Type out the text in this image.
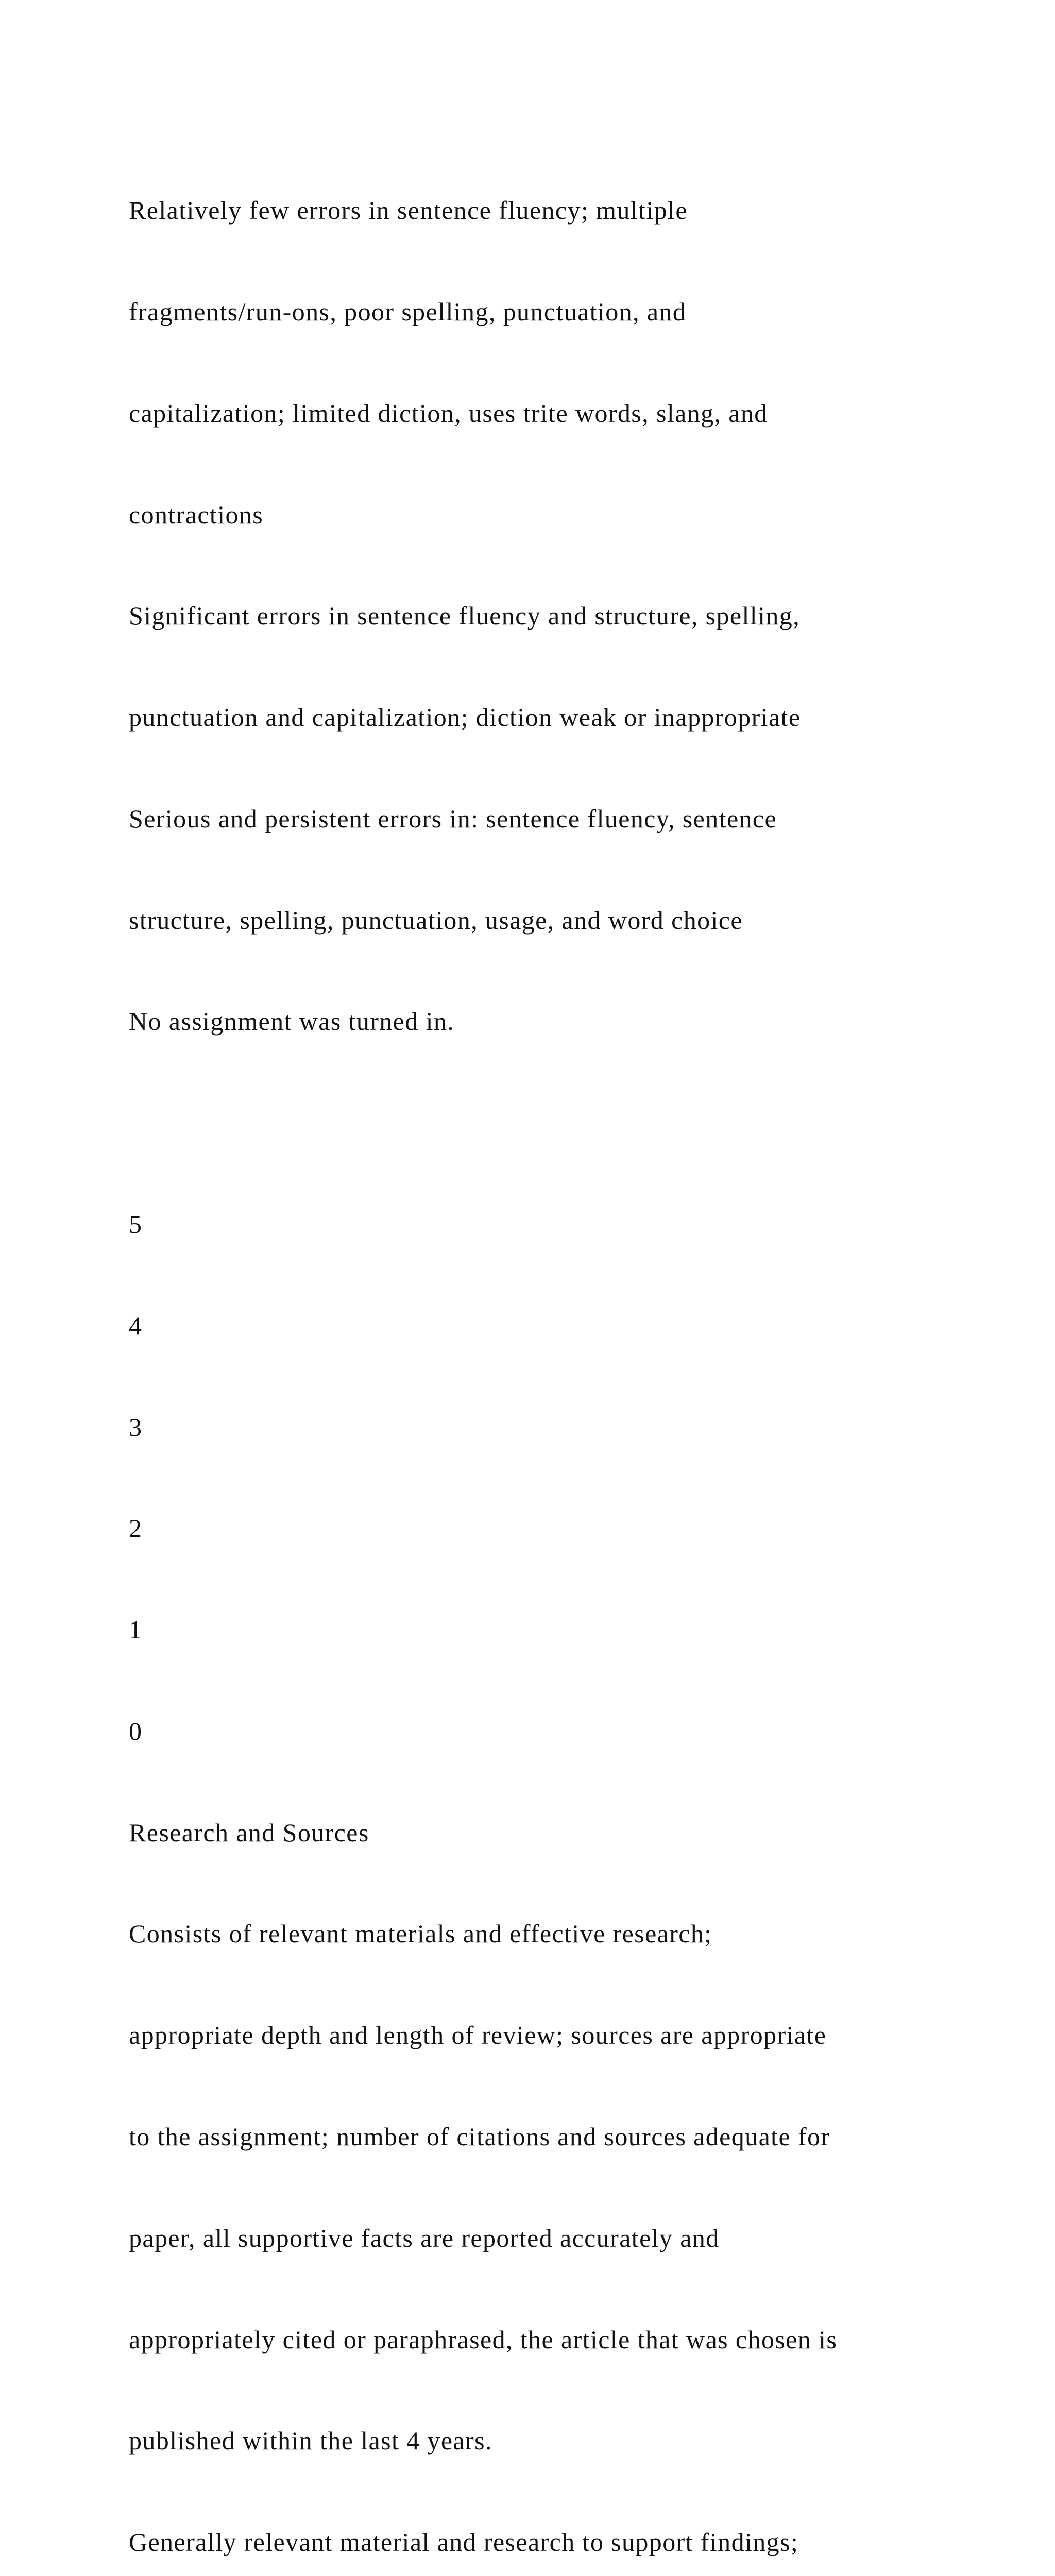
Relatively few errors in sentence fluency; multiple

fragments/run-ons, poor spelling, punctuation, and

capitalization; limited diction, uses trite words, slang, and

contractions

Significant errors in sentence fluency and structure, spelling,

punctuation and capitalization; diction weak or inappropriate

Serious and persistent errors in: sentence fluency, sentence

structure, spelling, punctuation, usage, and word choice

No assignment was turned in.

5

4

3

2

1

0

Research and Sources

Consists of relevant materials and effective research;

appropriate depth and length of review; sources are appropriate

to the assignment; number of citations and sources adequate for

paper, all supportive facts are reported accurately and

appropriately cited or paraphrased, the article that was chosen is

published within the last 4 years.

Generally relevant material and research to support findings;
